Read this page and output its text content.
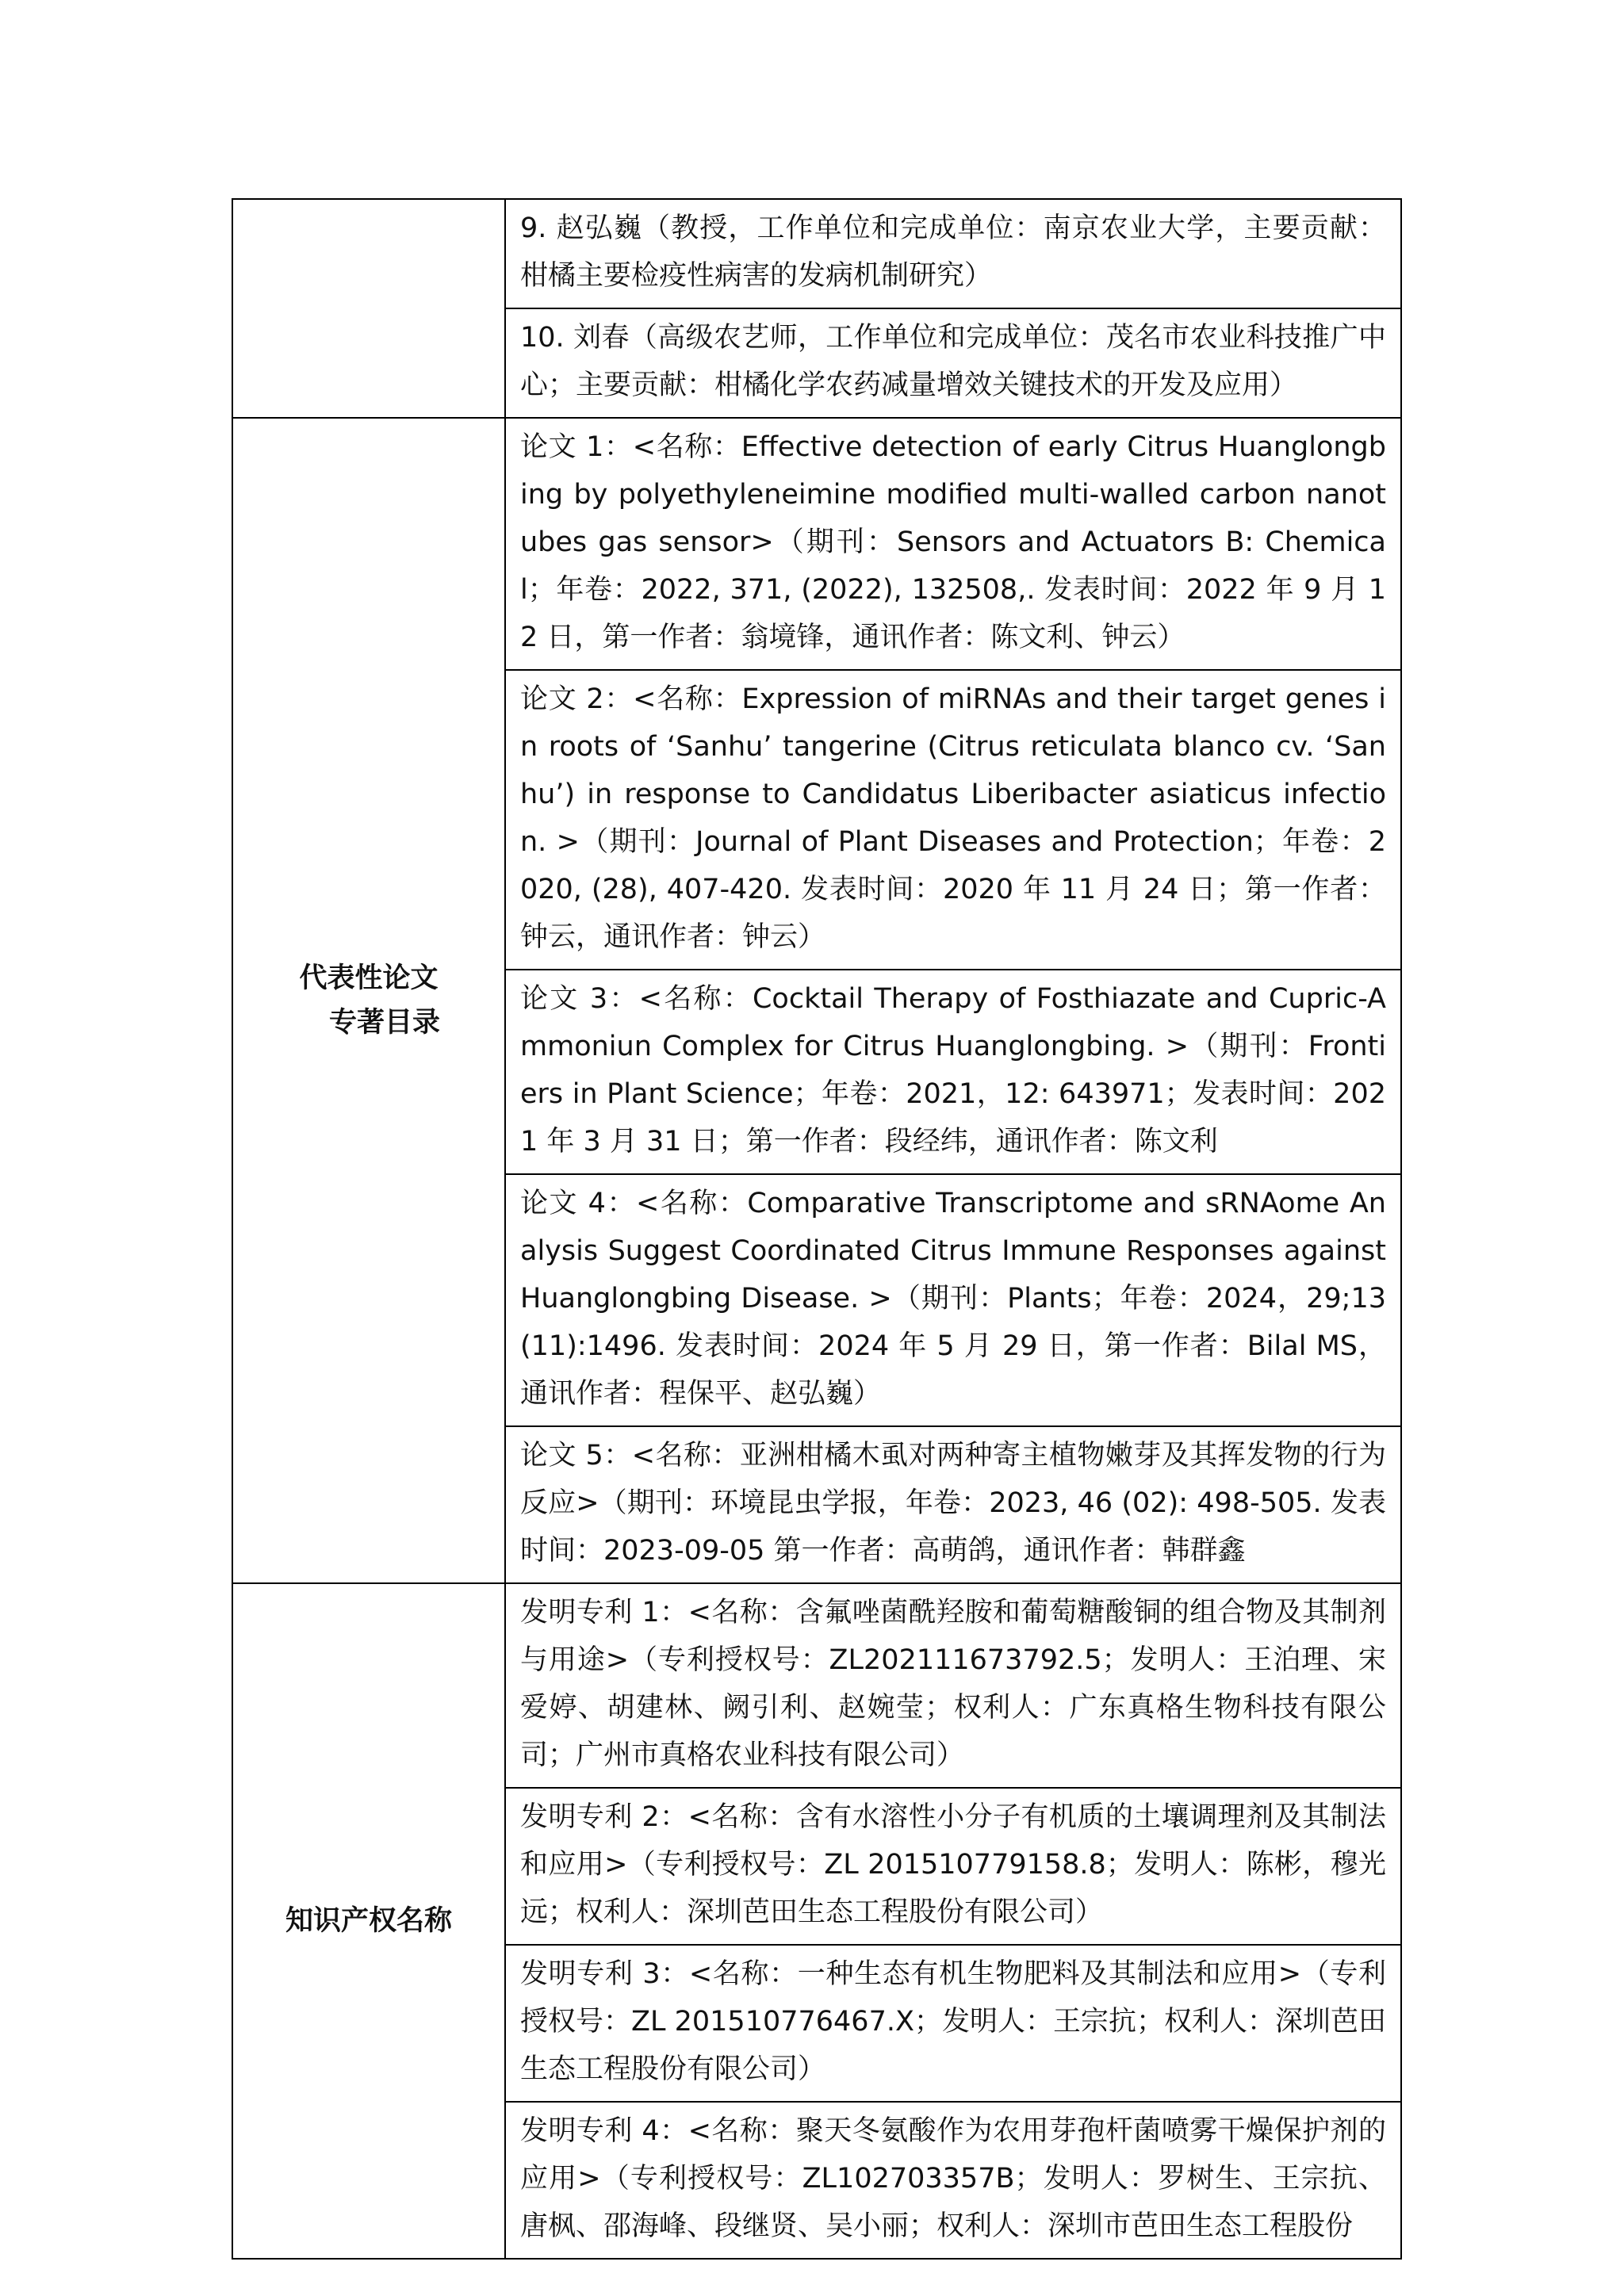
	9. 赵弘巍（教授，工作单位和完成单位：南京农业大学，主要贡献：柑橘主要检疫性病害的发病机制研究）
	10. 刘春（高级农艺师，工作单位和完成单位：茂名市农业科技推广中心；主要贡献：柑橘化学农药减量增效关键技术的开发及应用）

代表性论文
专著目录	论文 1：<名称：Effective detection of early Citrus Huanglongbing by polyethyleneimine modified multi-walled carbon nanotubes gas sensor>（期刊：Sensors and Actuators B: Chemical；年卷：2022, 371, (2022), 132508,. 发表时间：2022 年 9 月 12 日，第一作者：翁境锋，通讯作者：陈文利、钟云）
	论文 2：<名称：Expression of miRNAs and their target genes in roots of ‘Sanhu’ tangerine (Citrus reticulata blanco cv. ‘Sanhu’) in response to Candidatus Liberibacter asiaticus infection. >（期刊：Journal of Plant Diseases and Protection；年卷：2020, (28), 407-420. 发表时间：2020 年 11 月 24 日；第一作者：钟云，通讯作者：钟云）
	论文 3：<名称：Cocktail Therapy of Fosthiazate and Cupric-Ammoniun Complex for Citrus Huanglongbing. >（期刊：Frontiers in Plant Science；年卷：2021，12: 643971；发表时间：2021 年 3 月 31 日；第一作者：段经纬，通讯作者：陈文利
	论文 4：<名称：Comparative Transcriptome and sRNAome Analysis Suggest Coordinated Citrus Immune Responses against Huanglongbing Disease. >（期刊：Plants；年卷：2024，29;13(11):1496. 发表时间：2024 年 5 月 29 日，第一作者：Bilal MS，通讯作者：程保平、赵弘巍）
	论文 5：<名称：亚洲柑橘木虱对两种寄主植物嫩芽及其挥发物的行为反应>（期刊：环境昆虫学报，年卷：2023, 46 (02): 498-505. 发表时间：2023-09-05 第一作者：高萌鸽，通讯作者：韩群鑫

知识产权名称	发明专利 1：<名称：含氟唑菌酰羟胺和葡萄糖酸铜的组合物及其制剂与用途>（专利授权号：ZL202111673792.5；发明人：王泊理、宋爱婷、胡建林、阙引利、赵婉莹；权利人：广东真格生物科技有限公司；广州市真格农业科技有限公司）
	发明专利 2：<名称：含有水溶性小分子有机质的土壤调理剂及其制法和应用>（专利授权号：ZL 201510779158.8；发明人：陈彬，穆光远；权利人：深圳芭田生态工程股份有限公司）
	发明专利 3：<名称：一种生态有机生物肥料及其制法和应用>（专利授权号：ZL 201510776467.X；发明人：王宗抗；权利人：深圳芭田生态工程股份有限公司）
	发明专利 4：<名称：聚天冬氨酸作为农用芽孢杆菌喷雾干燥保护剂的应用>（专利授权号：ZL102703357B；发明人：罗树生、王宗抗、唐枫、邵海峰、段继贤、吴小丽；权利人：深圳市芭田生态工程股份
